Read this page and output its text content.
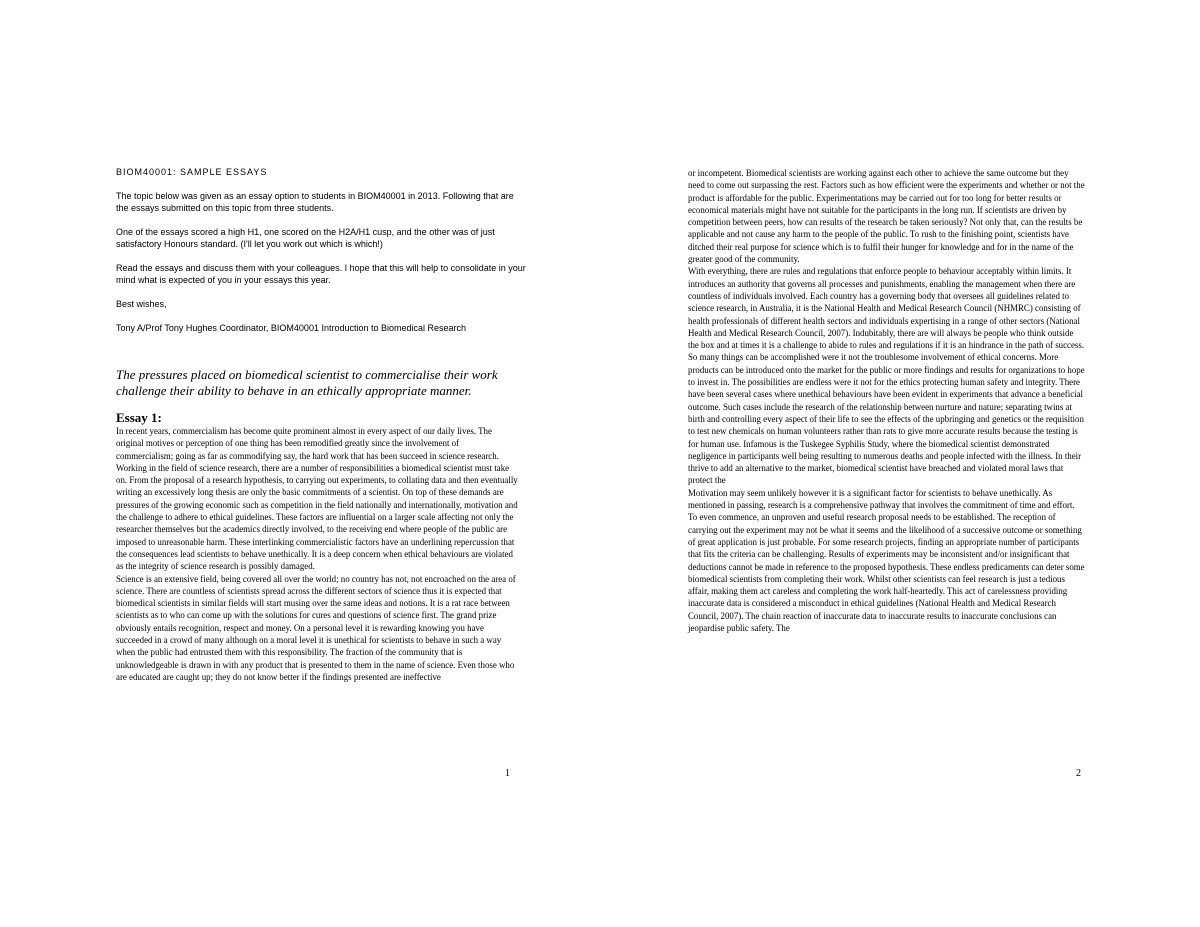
BIOM40001: SAMPLE ESSAYS

The topic below was given as an essay option to students in BIOM40001 in 2013. Following that are the essays submitted on this topic from three students.

One of the essays scored a high H1, one scored on the H2A/H1 cusp, and the other was of just satisfactory Honours standard. (I'll let you work out which is which!)

Read the essays and discuss them with your colleagues. I hope that this will help to consolidate in your mind what is expected of you in your essays this year.

Best wishes,

Tony A/Prof Tony Hughes Coordinator, BIOM40001 Introduction to Biomedical Research

The pressures placed on biomedical scientist to commercialise their work challenge their ability to behave in an ethically appropriate manner.
Essay 1:

In recent years, commercialism has become quite prominent almost in every aspect of our daily lives. The original motives or perception of one thing has been remodified greatly since the involvement of commercialism; going as far as commodifying say, the hard work that has been succeed in science research. Working in the field of science research, there are a number of responsibilities a biomedical scientist must take on. From the proposal of a research hypothesis, to carrying out experiments, to collating data and then eventually writing an excessively long thesis are only the basic commitments of a scientist. On top of these demands are pressures of the growing economic such as competition in the field nationally and internationally, motivation and the challenge to adhere to ethical guidelines. These factors are influential on a larger scale affecting not only the researcher themselves but the academics directly involved, to the receiving end where people of the public are imposed to unreasonable harm. These interlinking commercialistic factors have an underlining repercussion that the consequences lead scientists to behave unethically. It is a deep concern when ethical behaviours are violated as the integrity of science research is possibly damaged.

Science is an extensive field, being covered all over the world; no country has not, not encroached on the area of science. There are countless of scientists spread across the different sectors of science thus it is expected that biomedical scientists in similar fields will start musing over the same ideas and notions. It is a rat race between scientists as to who can come up with the solutions for cures and questions of science first. The grand prize obviously entails recognition, respect and money. On a personal level it is rewarding knowing you have succeeded in a crowd of many although on a moral level it is unethical for scientists to behave in such a way when the public had entrusted them with this responsibility. The fraction of the community that is unknowledgeable is drawn in with any product that is presented to them in the name of science. Even those who are educated are caught up; they do not know better if the findings presented are ineffective

1

or incompetent. Biomedical scientists are working against each other to achieve the same outcome but they need to come out surpassing the rest. Factors such as how efficient were the experiments and whether or not the product is affordable for the public. Experimentations may be carried out for too long for better results or economical materials might have not suitable for the participants in the long run. If scientists are driven by competition between peers, how can results of the research be taken seriously? Not only that, can the results be applicable and not cause any harm to the people of the public. To rush to the finishing point, scientists have ditched their real purpose for science which is to fulfil their hunger for knowledge and for in the name of the greater good of the community.

With everything, there are rules and regulations that enforce people to behaviour acceptably within limits. It introduces an authority that governs all processes and punishments, enabling the management when there are countless of individuals involved. Each country has a governing body that oversees all guidelines related to science research, in Australia, it is the National Health and Medical Research Council (NHMRC) consisting of health professionals of different health sectors and individuals expertising in a range of other sectors (National Health and Medical Research Council, 2007). Indubitably, there are will always be people who think outside the box and at times it is a challenge to abide to rules and regulations if it is an hindrance in the path of success. So many things can be accomplished were it not the troublesome involvement of ethical concerns. More products can be introduced onto the market for the public or more findings and results for organizations to hope to invest in. The possibilities are endless were it not for the ethics protecting human safety and integrity. There have been several cases where unethical behaviours have been evident in experiments that advance a beneficial outcome. Such cases include the research of the relationship between nurture and nature; separating twins at birth and controlling every aspect of their life to see the effects of the upbringing and genetics or the requisition to test new chemicals on human volunteers rather than rats to give more accurate results because the testing is for human use. Infamous is the Tuskegee Syphilis Study, where the biomedical scientist demonstrated negligence in participants well being resulting to numerous deaths and people infected with the illness. In their thrive to add an alternative to the market, biomedical scientist have breached and violated moral laws that protect the

Motivation may seem unlikely however it is a significant factor for scientists to behave unethically. As mentioned in passing, research is a comprehensive pathway that involves the commitment of time and effort. To even commence, an unproven and useful research proposal needs to be established. The reception of carrying out the experiment may not be what it seems and the likelihood of a successive outcome or something of great application is just probable. For some research projects, finding an appropriate number of participants that fits the criteria can be challenging. Results of experiments may be inconsistent and/or insignificant that deductions cannot be made in reference to the proposed hypothesis. These endless predicaments can deter some biomedical scientists from completing their work. Whilst other scientists can feel research is just a tedious affair, making them act careless and completing the work half-heartedly. This act of carelessness providing inaccurate data is considered a misconduct in ethical guidelines (National Health and Medical Research Council, 2007). The chain reaction of inaccurate data to inaccurate results to inaccurate conclusions can jeopardise public safety. The

2
